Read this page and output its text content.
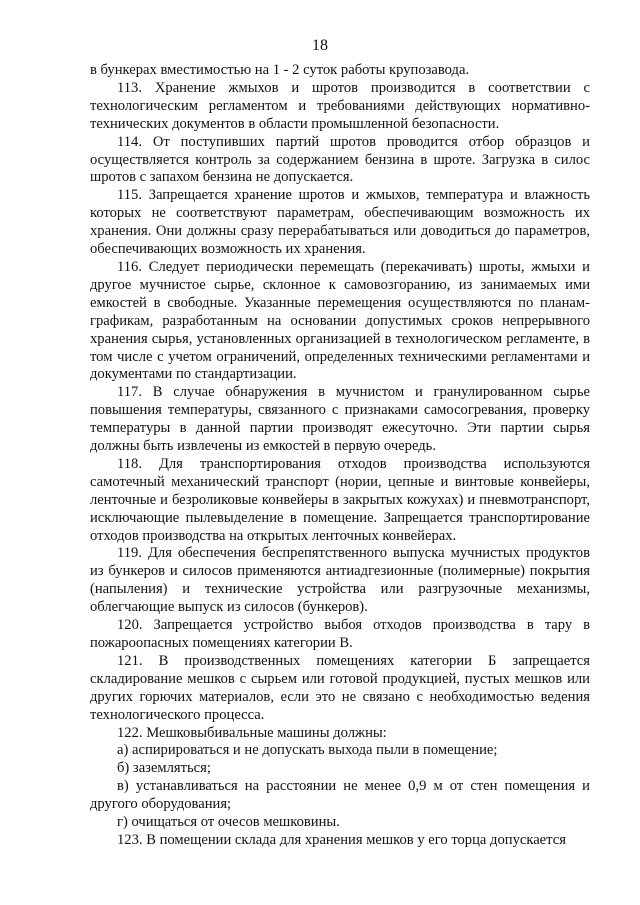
18

в бункерах вместимостью на 1 - 2 суток работы крупозавода.

113. Хранение жмыхов и шротов производится в соответствии с технологическим регламентом и требованиями действующих нормативно-технических документов в области промышленной безопасности.

114. От поступивших партий шротов проводится отбор образцов и осуществляется контроль за содержанием бензина в шроте. Загрузка в силос шротов с запахом бензина не допускается.

115. Запрещается хранение шротов и жмыхов, температура и влажность которых не соответствуют параметрам, обеспечивающим возможность их хранения. Они должны сразу перерабатываться или доводиться до параметров, обеспечивающих возможность их хранения.

116. Следует периодически перемещать (перекачивать) шроты, жмыхи и другое мучнистое сырье, склонное к самовозгоранию, из занимаемых ими емкостей в свободные. Указанные перемещения осуществляются по планам-графикам, разработанным на основании допустимых сроков непрерывного хранения сырья, установленных организацией в технологическом регламенте, в том числе с учетом ограничений, определенных техническими регламентами и документами по стандартизации.

117. В случае обнаружения в мучнистом и гранулированном сырье повышения температуры, связанного с признаками самосогревания, проверку температуры в данной партии производят ежесуточно. Эти партии сырья должны быть извлечены из емкостей в первую очередь.

118. Для транспортирования отходов производства используются самотечный механический транспорт (нории, цепные и винтовые конвейеры, ленточные и безроликовые конвейеры в закрытых кожухах) и пневмотранспорт, исключающие пылевыделение в помещение. Запрещается транспортирование отходов производства на открытых ленточных конвейерах.

119. Для обеспечения беспрепятственного выпуска мучнистых продуктов из бункеров и силосов применяются антиадгезионные (полимерные) покрытия (напыления) и технические устройства или разгрузочные механизмы, облегчающие выпуск из силосов (бункеров).

120. Запрещается устройство выбоя отходов производства в тару в пожароопасных помещениях категории В.

121. В производственных помещениях категории Б запрещается складирование мешков с сырьем или готовой продукцией, пустых мешков или других горючих материалов, если это не связано с необходимостью ведения технологического процесса.

122. Мешковыбивальные машины должны:

а) аспирироваться и не допускать выхода пыли в помещение;

б) заземляться;

в) устанавливаться на расстоянии не менее 0,9 м от стен помещения и другого оборудования;

г) очищаться от очесов мешковины.

123. В помещении склада для хранения мешков у его торца допускается
